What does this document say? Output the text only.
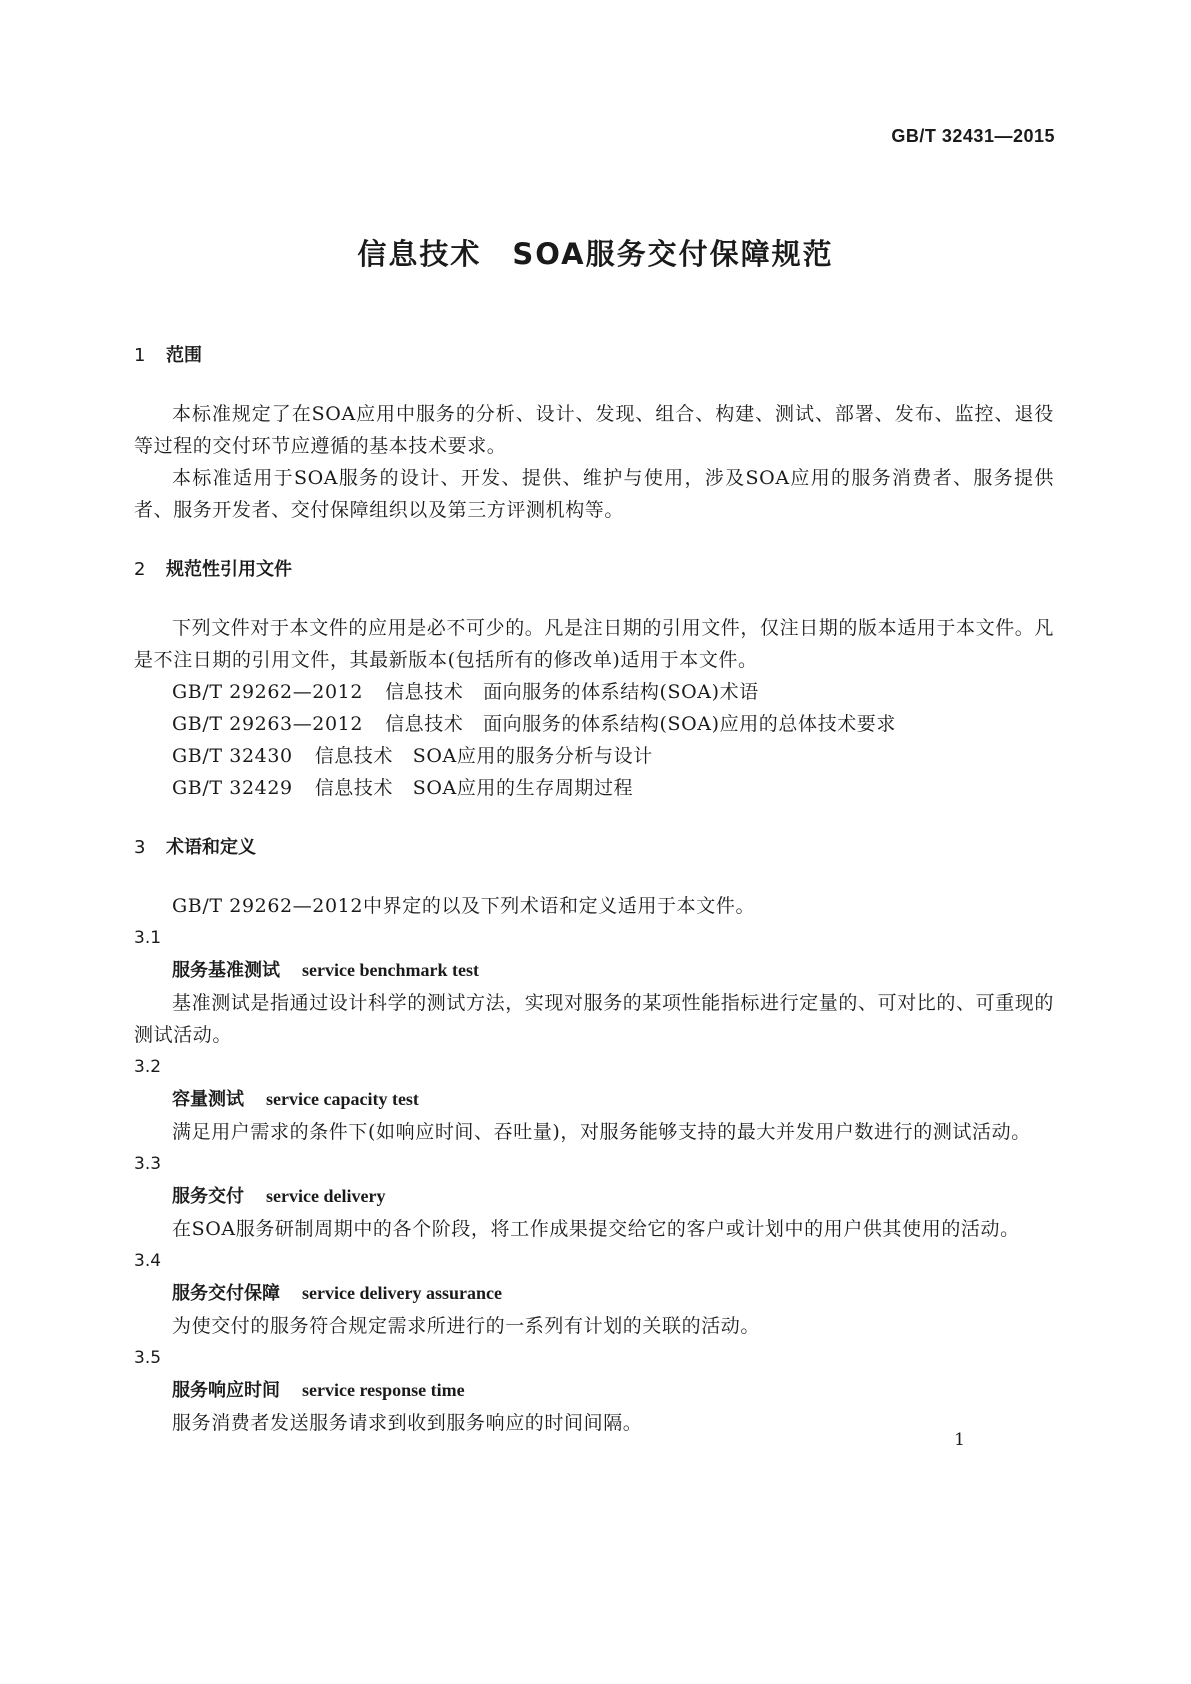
GB/T 32431—2015
信息技术　SOA服务交付保障规范
1	范围

本标准规定了在SOA应用中服务的分析、设计、发现、组合、构建、测试、部署、发布、监控、退役等过程的交付环节应遵循的基本技术要求。

本标准适用于SOA服务的设计、开发、提供、维护与使用，涉及SOA应用的服务消费者、服务提供者、服务开发者、交付保障组织以及第三方评测机构等。

2	规范性引用文件

下列文件对于本文件的应用是必不可少的。凡是注日期的引用文件，仅注日期的版本适用于本文件。凡是不注日期的引用文件，其最新版本(包括所有的修改单)适用于本文件。

GB/T 29262—2012 信息技术　面向服务的体系结构(SOA)术语
GB/T 29263—2012 信息技术　面向服务的体系结构(SOA)应用的总体技术要求
GB/T 32430 信息技术　SOA应用的服务分析与设计
GB/T 32429 信息技术　SOA应用的生存周期过程
3	术语和定义

GB/T 29262—2012中界定的以及下列术语和定义适用于本文件。

3.1
服务基准测试 service benchmark test

基准测试是指通过设计科学的测试方法，实现对服务的某项性能指标进行定量的、可对比的、可重现的测试活动。

3.2
容量测试 service capacity test

满足用户需求的条件下(如响应时间、吞吐量)，对服务能够支持的最大并发用户数进行的测试活动。

3.3
服务交付 service delivery

在SOA服务研制周期中的各个阶段，将工作成果提交给它的客户或计划中的用户供其使用的活动。

3.4
服务交付保障 service delivery assurance

为使交付的服务符合规定需求所进行的一系列有计划的关联的活动。

3.5
服务响应时间 service response time

服务消费者发送服务请求到收到服务响应的时间间隔。

1
